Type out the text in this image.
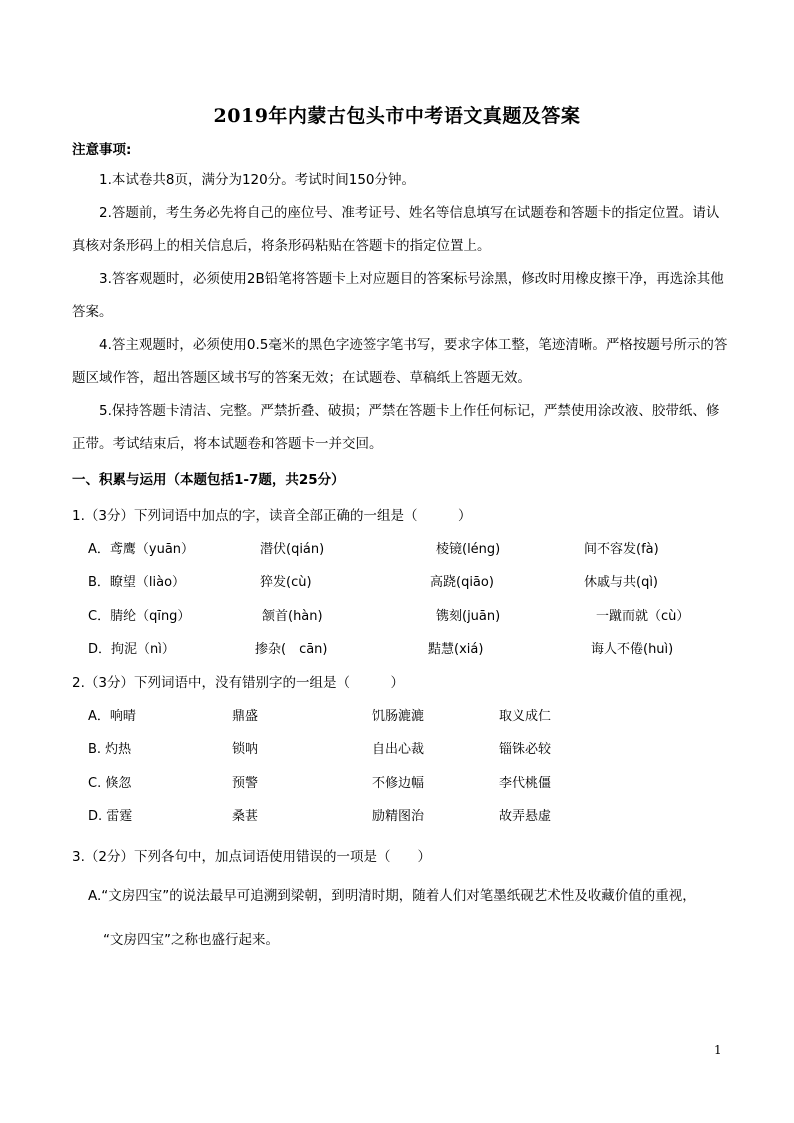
2019年内蒙古包头市中考语文真题及答案
注意事项:

1.本试卷共8页，满分为120分。考试时间150分钟。

2.答题前，考生务必先将自己的座位号、准考证号、姓名等信息填写在试题卷和答题卡的指定位置。请认真核对条形码上的相关信息后，将条形码粘贴在答题卡的指定位置上。

3.答客观题时，必须使用2B铅笔将答题卡上对应题目的答案标号涂黑，修改时用橡皮擦干净，再选涂其他答案。

4.答主观题时，必须使用0.5毫米的黑色字迹签字笔书写，要求字体工整，笔迹清晰。严格按题号所示的答题区域作答，超出答题区域书写的答案无效；在试题卷、草稿纸上答题无效。

5.保持答题卡清洁、完整。严禁折叠、破损；严禁在答题卡上作任何标记，严禁使用涂改液、胶带纸、修正带。考试结束后，将本试题卷和答题卡一并交回。

一、积累与运用（本题包括1-7题，共25分）
1.（3分）下列词语中加点的字，读音全部正确的一组是（　　　）
A．鸢鹰（yuān）	潜伏(qián)	棱镜(léng)	间不容发(fà)
B．瞭望（liào）	猝发(cù)	高跷(qiāo)	休戚与共(qì)
C．腈纶（qīng）	颔首(hàn)	镌刻(juān)	一蹴而就（cù）
D．拘泥（nì）	掺杂(　cān)	黠慧(xiá)	诲人不倦(huì)
2.（3分）下列词语中，没有错别字的一组是（　　　）
A．响晴	鼎盛	饥肠漉漉	取义成仁
B. 灼热	锁呐	自出心裁	锱铢必较
C. 倏忽	预警	不修边幅	李代桃僵
D. 雷霆	桑葚	励精图治	故弄悬虚
3.（2分）下列各句中，加点词语使用错误的一项是（　　）

A.“文房四宝”的说法最早可追溯到梁朝，到明清时期，随着人们对笔墨纸砚艺术性及收藏价值的重视，
“文房四宝”之称也盛行起来。

1
